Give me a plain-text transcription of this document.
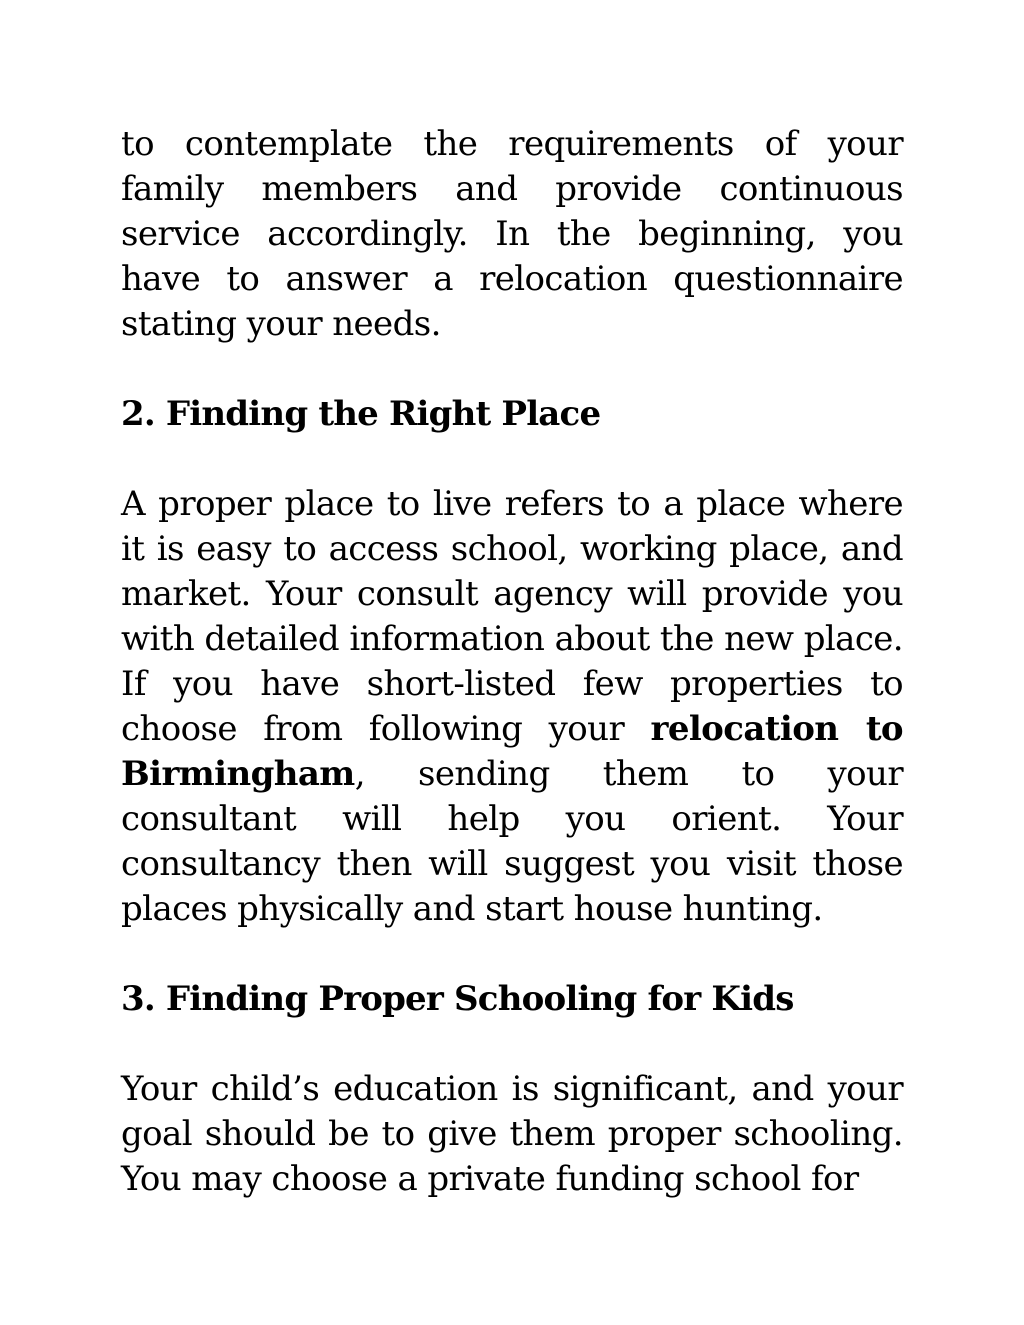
to contemplate the requirements of your family members and provide continuous service accordingly. In the beginning, you have to answer a relocation questionnaire stating your needs.

2. Finding the Right Place

A proper place to live refers to a place where it is easy to access school, working place, and market. Your consult agency will provide you with detailed information about the new place. If you have short-listed few properties to choose from following your relocation to Birmingham, sending them to your consultant will help you orient. Your consultancy then will suggest you visit those places physically and start house hunting.

3. Finding Proper Schooling for Kids

Your child’s education is significant, and your goal should be to give them proper schooling. You may choose a private funding school for
